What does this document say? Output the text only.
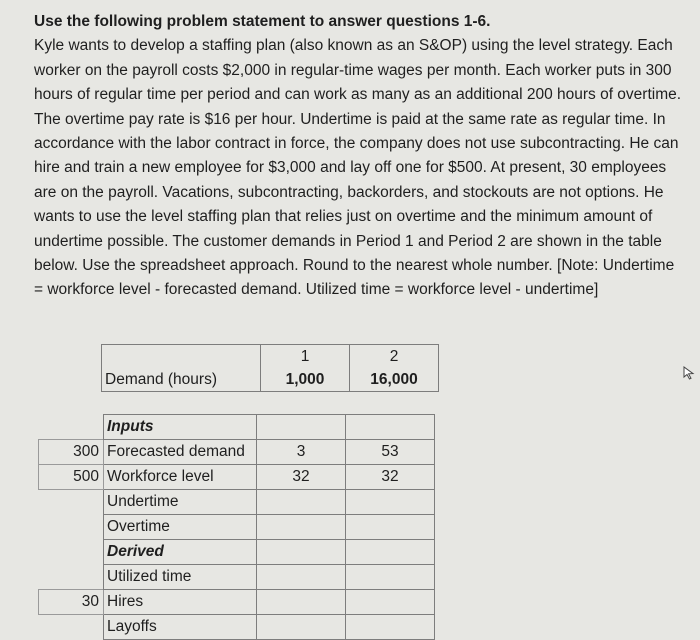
Use the following problem statement to answer questions 1-6.

Kyle wants to develop a staffing plan (also known as an S&OP) using the level strategy. Each worker on the payroll costs $2,000 in regular-time wages per month. Each worker puts in 300 hours of regular time per period and can work as many as an additional 200 hours of overtime. The overtime pay rate is $16 per hour. Undertime is paid at the same rate as regular time. In accordance with the labor contract in force, the company does not use subcontracting. He can hire and train a new employee for $3,000 and lay off one for $500. At present, 30 employees are on the payroll. Vacations, subcontracting, backorders, and stockouts are not options. He wants to use the level staffing plan that relies just on overtime and the minimum amount of undertime possible. The customer demands in Period 1 and Period 2 are shown in the table below. Use the spreadsheet approach. Round to the nearest whole number. [Note: Undertime = workforce level - forecasted demand. Utilized time = workforce level - undertime]

	1	2
Demand (hours)	1,000	16,000
	Inputs		
300	Forecasted demand	3	53
500	Workforce level	32	32
	Undertime		
	Overtime		
	Derived		
	Utilized time		
30	Hires		
	Layoffs		
